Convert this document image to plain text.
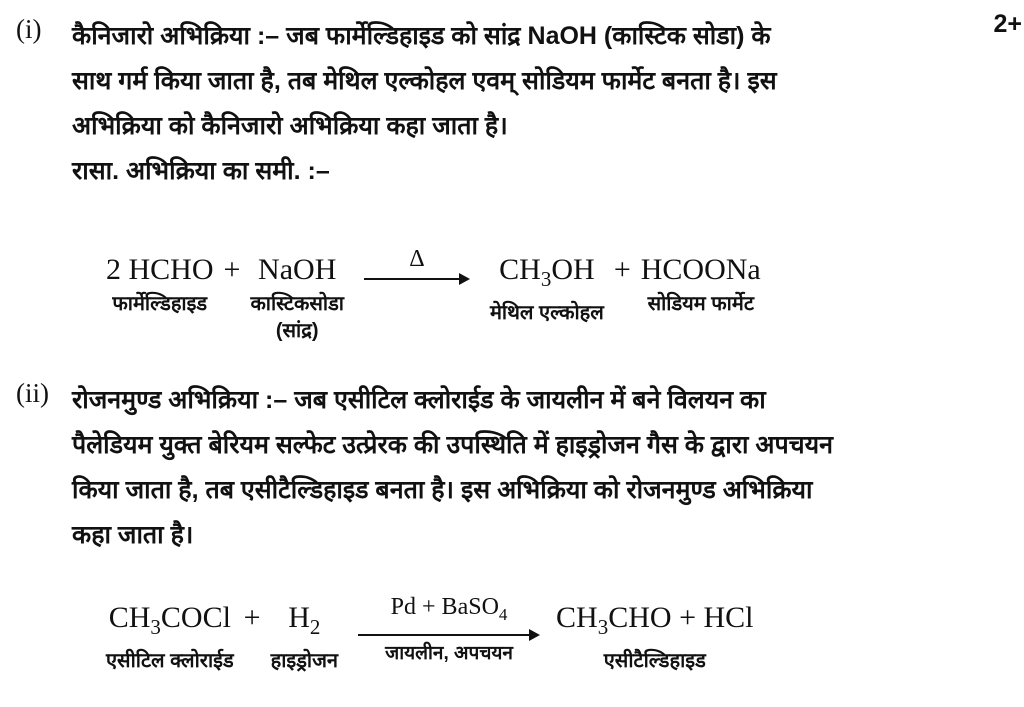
2+
(i)	कैनिजारो अभिक्रिया :– जब फार्मेल्डिहाइड को सांद्र NaOH (कास्टिक सोडा) के
साथ गर्म किया जाता है, तब मेथिल एल्कोहल एवम् सोडियम फार्मेट बनता है। इस
अभिक्रिया को कैनिजारो अभिक्रिया कहा जाता है।
रासा. अभिक्रिया का समी. :–
2 HCHO
फार्मेल्डिहाइड
+ NaOH
कास्टिकसोडा
(सांद्र)
Δ $CH_3OH$
मेथिल एल्कोहल
+ HCOONa
सोडियम फार्मेट
(ii) रोजनमुण्ड अभिक्रिया :– जब एसीटिल क्लोराईड के जायलीन में बने विलयन का
पैलेडियम युक्त बेरियम सल्फेट उत्प्रेरक की उपस्थिति में हाइड्रोजन गैस के द्वारा अपचयन
किया जाता है, तब एसीटैल्डिहाइड बनता है। इस अभिक्रिया को रोजनमुण्ड अभिक्रिया
कहा जाता है।
$CH_3COCl$
एसीटिल क्लोराईड
+ $H_2$
हाइड्रोजन
Pd + BaSO$_4$
जायलीन, अपचयन
$CH_3CHO$ + HCl
एसीटैल्डिहाइड
